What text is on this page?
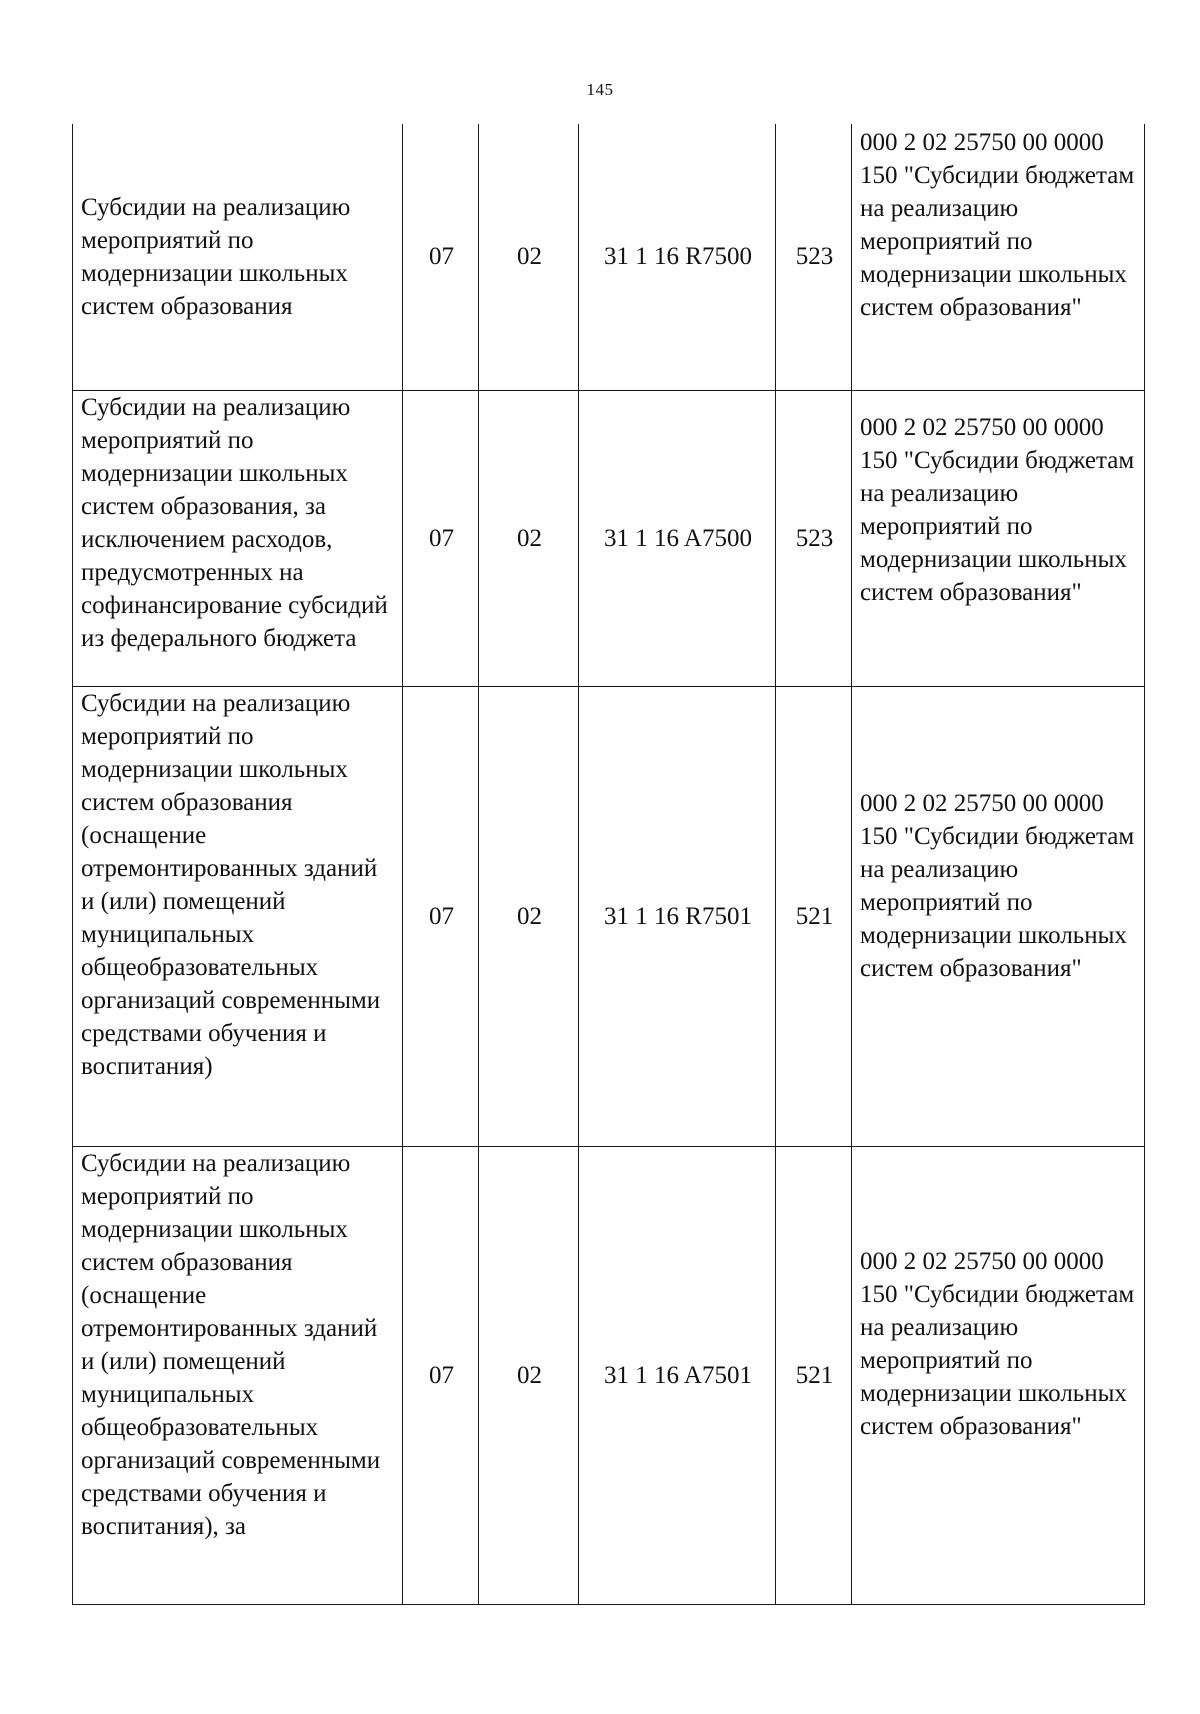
145
Субсидии на реализацию мероприятий по модернизации школьных систем образования	07	02	31 1 16 R7500	523	000 2 02 25750 00 0000 150 "Субсидии бюджетам на реализацию мероприятий по модернизации школьных систем образования"
Субсидии на реализацию мероприятий по модернизации школьных систем образования, за исключением расходов, предусмотренных на софинансирование субсидий из федерального бюджета	07	02	31 1 16 A7500	523	000 2 02 25750 00 0000 150 "Субсидии бюджетам на реализацию мероприятий по модернизации школьных систем образования"
Субсидии на реализацию мероприятий по модернизации школьных систем образования (оснащение отремонтированных зданий и (или) помещений муниципальных общеобразовательных организаций современными средствами обучения и воспитания)	07	02	31 1 16 R7501	521	000 2 02 25750 00 0000 150 "Субсидии бюджетам на реализацию мероприятий по модернизации школьных систем образования"
Субсидии на реализацию мероприятий по модернизации школьных систем образования (оснащение отремонтированных зданий и (или) помещений муниципальных общеобразовательных организаций современными средствами обучения и воспитания), за	07	02	31 1 16 A7501	521	000 2 02 25750 00 0000 150 "Субсидии бюджетам на реализацию мероприятий по модернизации школьных систем образования"
